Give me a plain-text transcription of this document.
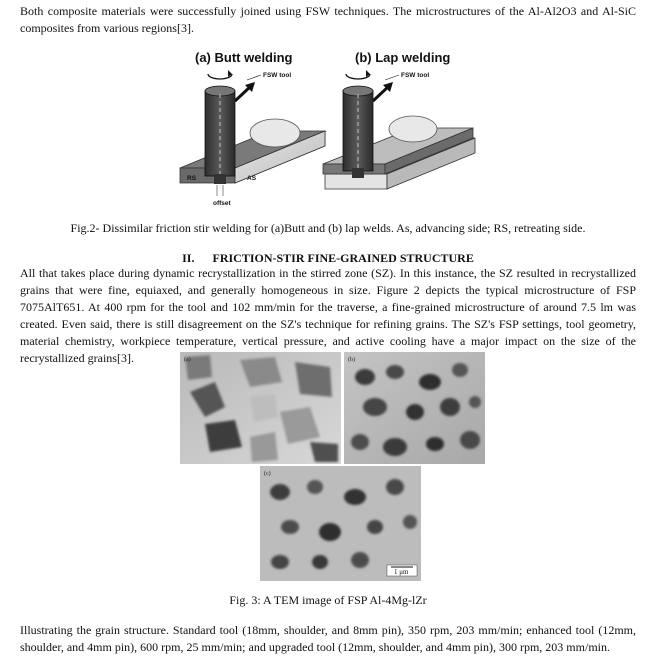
Both composite materials were successfully joined using FSW techniques. The microstructures of the Al-Al2O3 and Al-SiC composites from various regions[3].

(a) Butt welding
FSW tool
RS	AS
offset
(b) Lap welding
FSW tool

Fig.2- Dissimilar friction stir welding for (a)Butt and (b) lap welds. As, advancing side; RS, retreating side.

II. FRICTION-STIR FINE-GRAINED STRUCTURE

All that takes place during dynamic recrystallization in the stirred zone (SZ). In this instance, the SZ resulted in recrystallized grains that were fine, equiaxed, and generally homogeneous in size. Figure 2 depicts the typical microstructure of FSP 7075AlT651. At 400 rpm for the tool and 102 mm/min for the traverse, a fine-grained microstructure of around 7.5 lm was created. Even said, there is still disagreement on the SZ's technique for refining grains. The SZ's FSP settings, tool geometry, material chemistry, workpiece temperature, vertical pressure, and active cooling have a major impact on the size of the recrystallized grains[3].	(a)	(b)
(c)
1 μm

Fig. 3: A TEM image of FSP Al-4Mg-lZr

Illustrating the grain structure. Standard tool (18mm, shoulder, and 8mm pin), 350 rpm, 203 mm/min; enhanced tool (12mm, shoulder, and 4mm pin), 600 rpm, 25 mm/min; and upgraded tool (12mm, shoulder, and 4mm pin), 300 rpm, 203 mm/min.
